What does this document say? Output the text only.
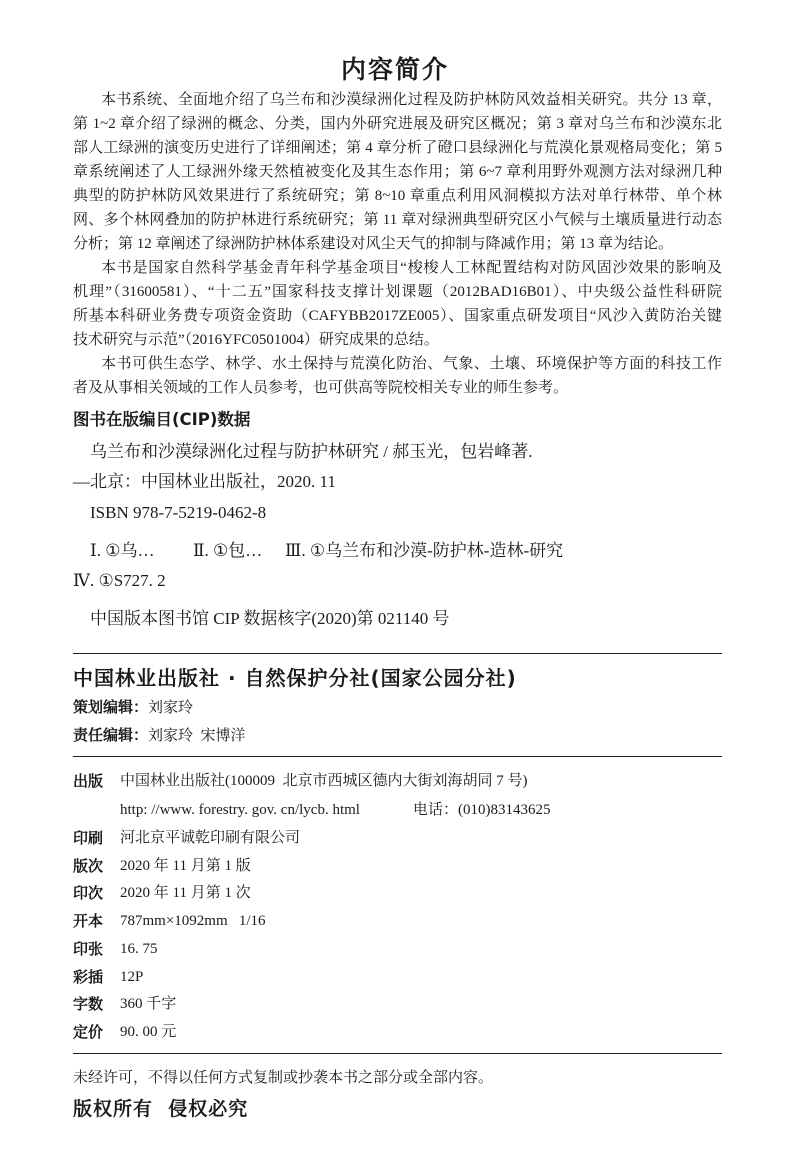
内容简介
本书系统、全面地介绍了乌兰布和沙漠绿洲化过程及防护林防风效益相关研究。共分 13 章，
第 1~2 章介绍了绿洲的概念、分类，国内外研究进展及研究区概况；第 3 章对乌兰布和沙漠东北
部人工绿洲的演变历史进行了详细阐述；第 4 章分析了磴口县绿洲化与荒漠化景观格局变化；第 5
章系统阐述了人工绿洲外缘天然植被变化及其生态作用；第 6~7 章利用野外观测方法对绿洲几种
典型的防护林防风效果进行了系统研究；第 8~10 章重点利用风洞模拟方法对单行林带、单个林
网、多个林网叠加的防护林进行系统研究；第 11 章对绿洲典型研究区小气候与土壤质量进行动态
分析；第 12 章阐述了绿洲防护林体系建设对风尘天气的抑制与降减作用；第 13 章为结论。
本书是国家自然科学基金青年科学基金项目“梭梭人工林配置结构对防风固沙效果的影响及
机理”（31600581）、“十二五”国家科技支撑计划课题（2012BAD16B01）、中央级公益性科研院
所基本科研业务费专项资金资助（CAFYBB2017ZE005）、国家重点研发项目“风沙入黄防治关键
技术研究与示范”（2016YFC0501004）研究成果的总结。
本书可供生态学、林学、水土保持与荒漠化防治、气象、土壤、环境保护等方面的科技工作
者及从事相关领域的工作人员参考，也可供高等院校相关专业的师生参考。
图书在版编目(CIP)数据
乌兰布和沙漠绿洲化过程与防护林研究 / 郝玉光，包岩峰著.
—北京：中国林业出版社，2020. 11
ISBN 978-7-5219-0462-8
Ⅰ. ①乌… Ⅱ. ①包… Ⅲ. ①乌兰布和沙漠-防护林-造林-研究
Ⅳ. ①S727. 2
中国版本图书馆 CIP 数据核字(2020)第 021140 号
中国林业出版社 · 自然保护分社(国家公园分社)
策划编辑：刘家玲
责任编辑：刘家玲  宋博洋
出版	中国林业出版社(100009  北京市西城区德内大街刘海胡同 7 号)
http: //www. forestry. gov. cn/lycb. html	电话：(010)83143625
印刷	河北京平诚乾印刷有限公司
版次	2020 年 11 月第 1 版
印次	2020 年 11 月第 1 次
开本	787mm×1092mm   1/16
印张	16. 75
彩插	12P
字数	360 千字
定价	90. 00 元
未经许可，不得以任何方式复制或抄袭本书之部分或全部内容。
版权所有  侵权必究
